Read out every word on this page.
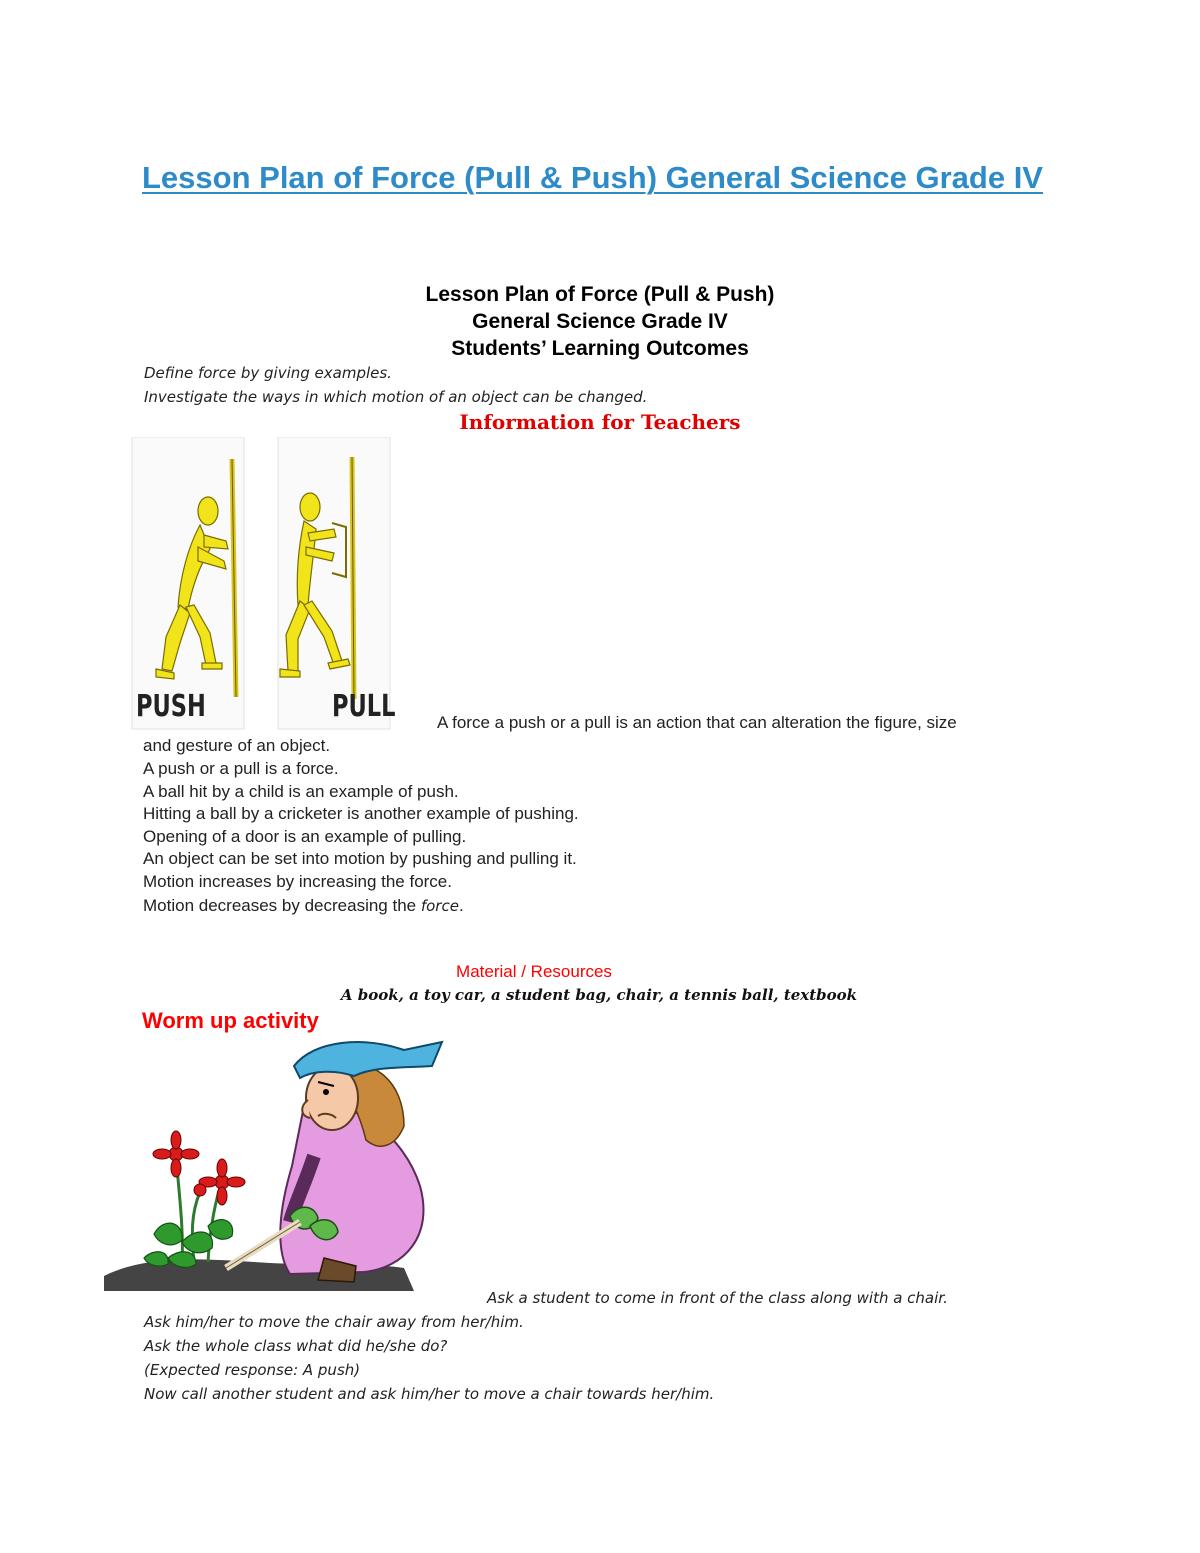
Lesson Plan of Force (Pull & Push) General Science Grade IV
Lesson Plan of Force (Pull & Push)
General Science Grade IV
Students’ Learning Outcomes
Define force by giving examples.
Investigate the ways in which motion of an object can be changed.
Information for Teachers
PUSH	PULL A force a push or a pull is an action that can alteration the figure, size
and gesture of an object.
A push or a pull is a force.
A ball hit by a child is an example of push.
Hitting a ball by a cricketer is another example of pushing.
Opening of a door is an example of pulling.
An object can be set into motion by pushing and pulling it.
Motion increases by increasing the force.
Motion decreases by decreasing the force.
Material / Resources
A book, a toy car, a student bag, chair, a tennis ball, textbook
Worm up activity
Ask a student to come in front of the class along with a chair.
Ask him/her to move the chair away from her/him.
Ask the whole class what did he/she do?
(Expected response: A push)
Now call another student and ask him/her to move a chair towards her/him.
